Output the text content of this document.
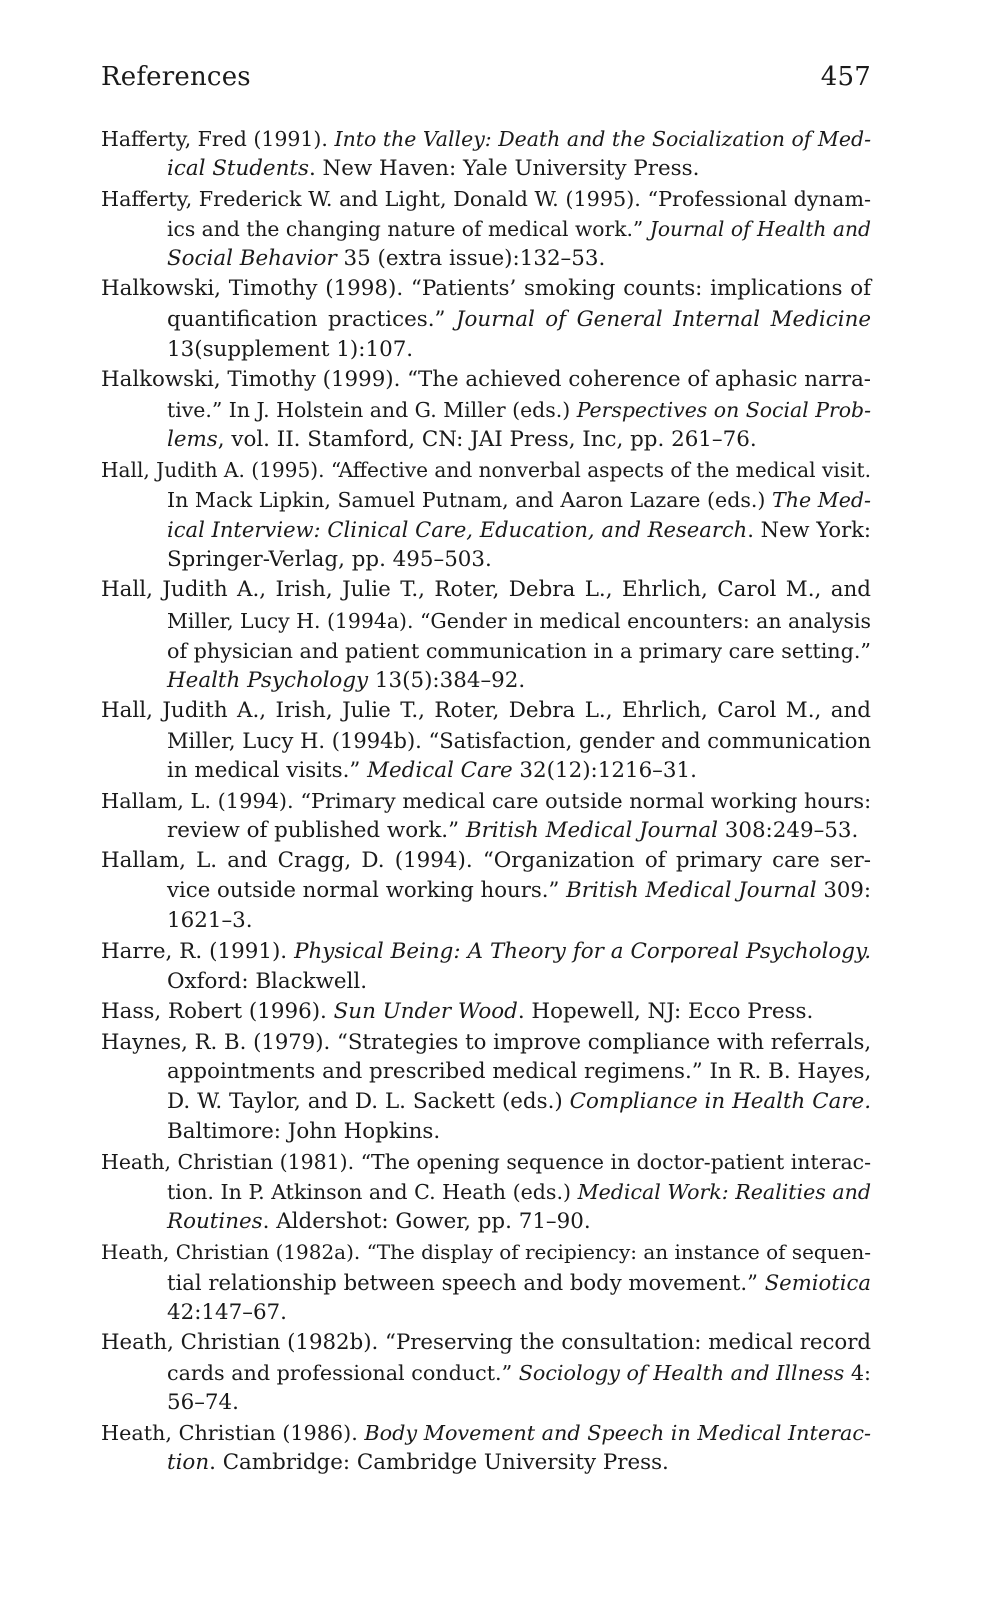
References	457
Hafferty, Fred (1991). Into the Valley: Death and the Socialization of Med-
ical Students. New Haven: Yale University Press.
Hafferty, Frederick W. and Light, Donald W. (1995). “Professional dynam-
ics and the changing nature of medical work.” Journal of Health and
Social Behavior 35 (extra issue):132–53.
Halkowski, Timothy (1998). “Patients’ smoking counts: implications of
quantification practices.” Journal of General Internal Medicine
13(supplement 1):107.
Halkowski, Timothy (1999). “The achieved coherence of aphasic narra-
tive.” In J. Holstein and G. Miller (eds.) Perspectives on Social Prob-
lems, vol. II. Stamford, CN: JAI Press, Inc, pp. 261–76.
Hall, Judith A. (1995). “Affective and nonverbal aspects of the medical visit.
In Mack Lipkin, Samuel Putnam, and Aaron Lazare (eds.) The Med-
ical Interview: Clinical Care, Education, and Research. New York:
Springer-Verlag, pp. 495–503.
Hall, Judith A., Irish, Julie T., Roter, Debra L., Ehrlich, Carol M., and
Miller, Lucy H. (1994a). “Gender in medical encounters: an analysis
of physician and patient communication in a primary care setting.”
Health Psychology 13(5):384–92.
Hall, Judith A., Irish, Julie T., Roter, Debra L., Ehrlich, Carol M., and
Miller, Lucy H. (1994b). “Satisfaction, gender and communication
in medical visits.” Medical Care 32(12):1216–31.
Hallam, L. (1994). “Primary medical care outside normal working hours:
review of published work.” British Medical Journal 308:249–53.
Hallam, L. and Cragg, D. (1994). “Organization of primary care ser-
vice outside normal working hours.” British Medical Journal 309:
1621–3.
Harre, R. (1991). Physical Being: A Theory for a Corporeal Psychology.
Oxford: Blackwell.
Hass, Robert (1996). Sun Under Wood. Hopewell, NJ: Ecco Press.
Haynes, R. B. (1979). “Strategies to improve compliance with referrals,
appointments and prescribed medical regimens.” In R. B. Hayes,
D. W. Taylor, and D. L. Sackett (eds.) Compliance in Health Care.
Baltimore: John Hopkins.
Heath, Christian (1981). “The opening sequence in doctor-patient interac-
tion. In P. Atkinson and C. Heath (eds.) Medical Work: Realities and
Routines. Aldershot: Gower, pp. 71–90.
Heath, Christian (1982a). “The display of recipiency: an instance of sequen-
tial relationship between speech and body movement.” Semiotica
42:147–67.
Heath, Christian (1982b). “Preserving the consultation: medical record
cards and professional conduct.” Sociology of Health and Illness 4:
56–74.
Heath, Christian (1986). Body Movement and Speech in Medical Interac-
tion. Cambridge: Cambridge University Press.
